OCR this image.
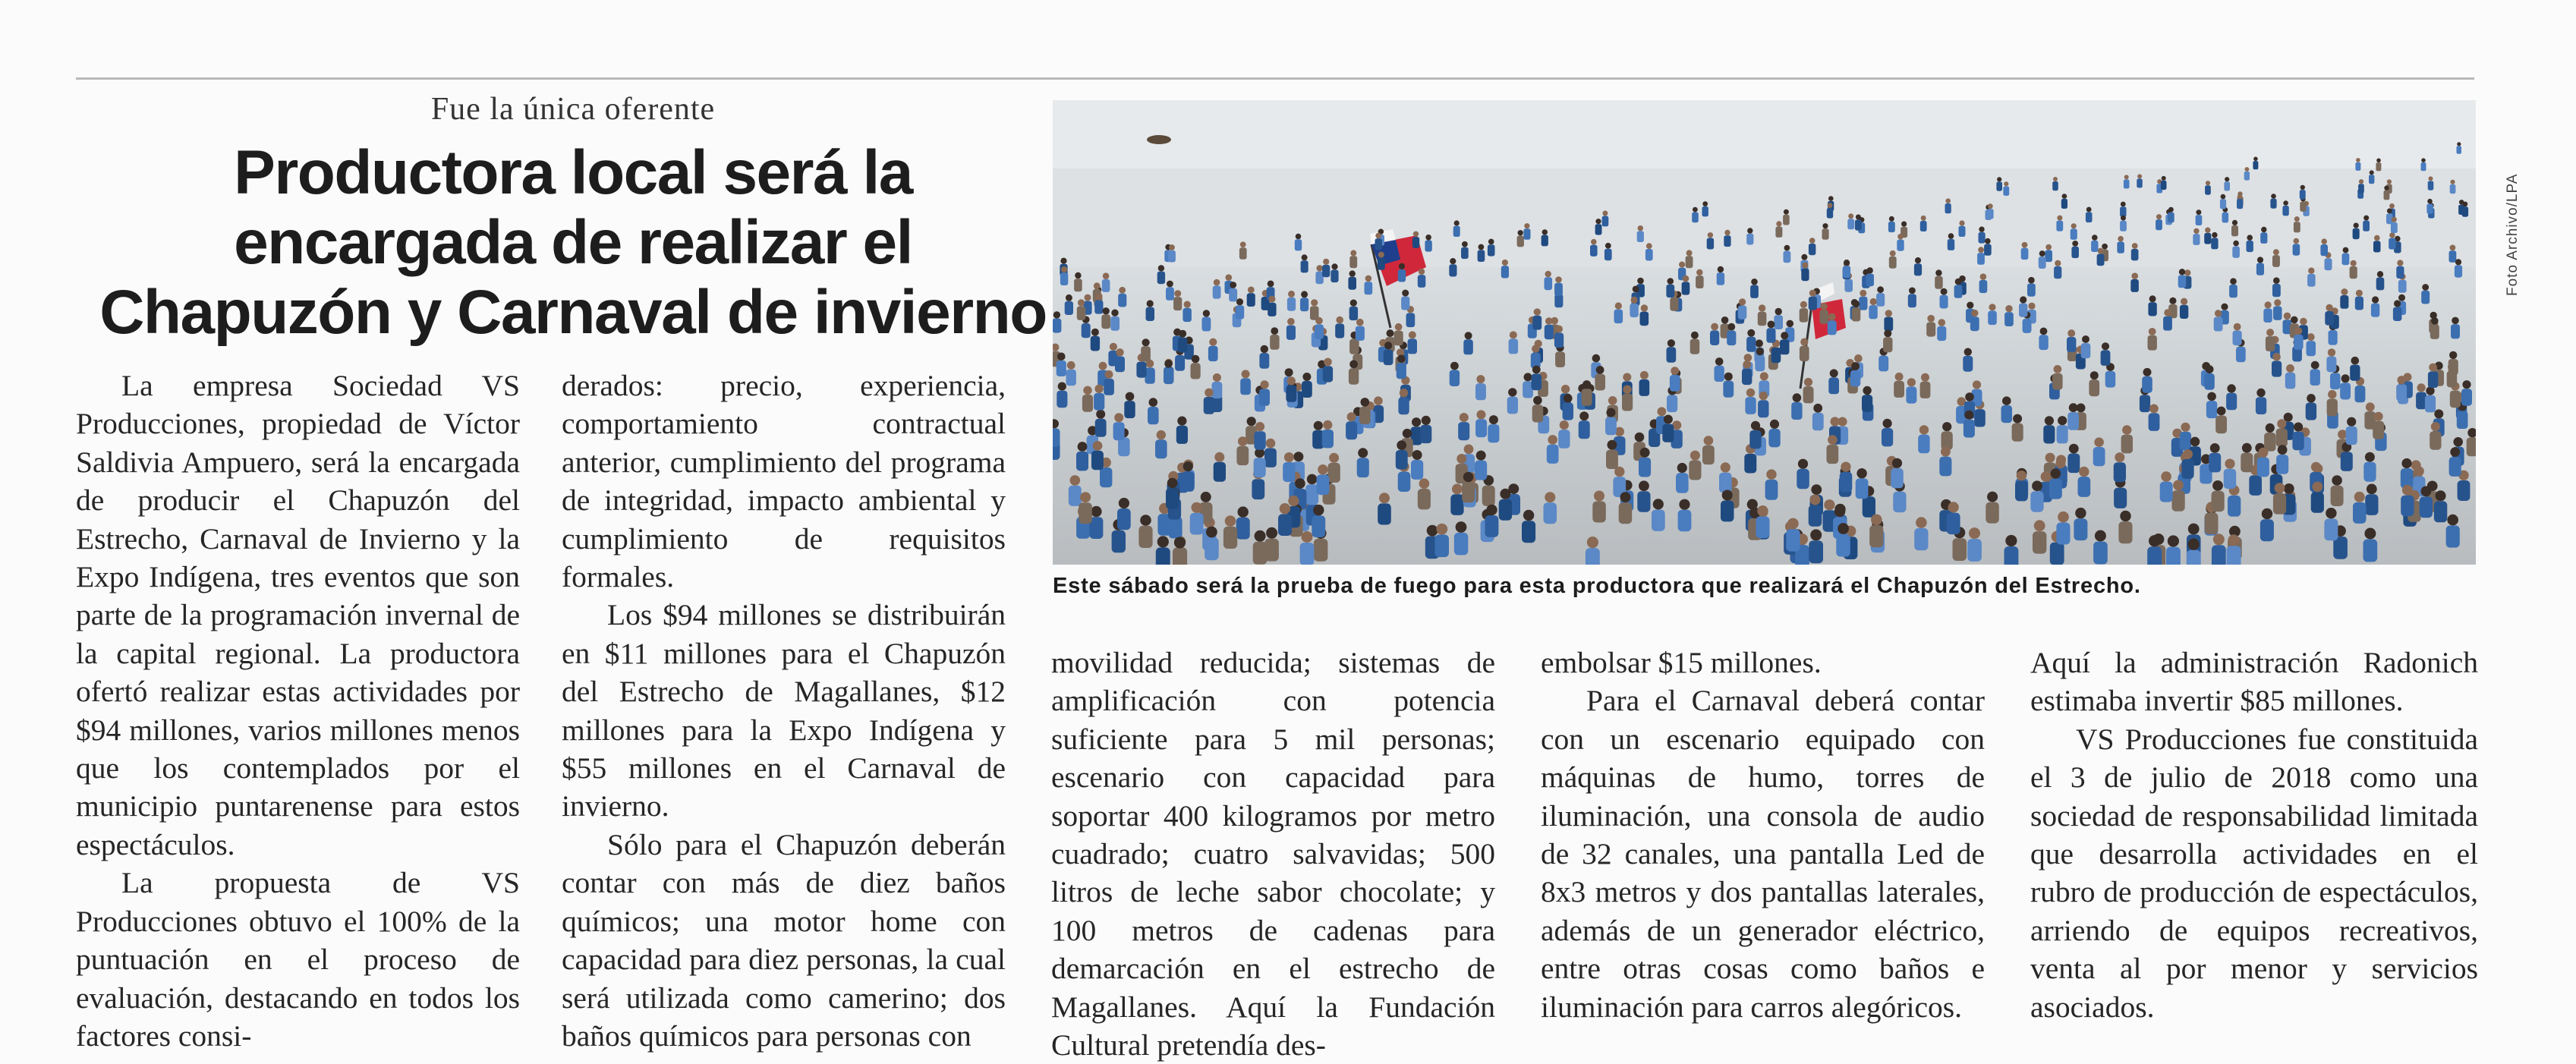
Fue la única oferente
Productora local será la
encargada de realizar el
Chapuzón y Carnaval de invierno

La empresa Sociedad VS Producciones, propiedad de Víctor Saldivia Ampuero, será la encargada de producir el Chapuzón del Estrecho, Carnaval de Invierno y la Expo Indígena, tres eventos que son parte de la programación invernal de la capital regional. La productora ofertó realizar estas actividades por $94 millones, varios millones menos que los contemplados por el municipio puntarenense para estos espectáculos.

La propuesta de VS Producciones obtuvo el 100% de la puntuación en el proceso de evaluación, destacando en todos los factores consi-

derados: precio, experiencia, comportamiento contractual anterior, cumplimiento del programa de integridad, impacto ambiental y cumplimiento de requisitos formales.

Los $94 millones se distribuirán en $11 millones para el Chapuzón del Estrecho de Magallanes, $12 millones para la Expo Indígena y $55 millones en el Carnaval de invierno.

Sólo para el Chapuzón deberán contar con más de diez baños químicos; una motor home con capacidad para diez personas, la cual será utilizada como camerino; dos baños químicos para personas con

Foto Archivo/LPA
Este sábado será la prueba de fuego para esta productora que realizará el Chapuzón del Estrecho.

movilidad reducida; sistemas de amplificación con potencia suficiente para 5 mil personas; escenario con capacidad para soportar 400 kilogramos por metro cuadrado; cuatro salvavidas; 500 litros de leche sabor chocolate; y 100 metros de cadenas para demarcación en el estrecho de Magallanes. Aquí la Fundación Cultural pretendía des-

embolsar $15 millones.

Para el Carnaval deberá contar con un escenario equipado con máquinas de humo, torres de iluminación, una consola de audio de 32 canales, una pantalla Led de 8x3 metros y dos pantallas laterales, además de un generador eléctrico, entre otras cosas como baños e iluminación para carros alegóricos.

Aquí la administración Radonich estimaba invertir $85 millones.

VS Producciones fue constituida el 3 de julio de 2018 como una sociedad de responsabilidad limitada que desarrolla actividades en el rubro de producción de espectáculos, arriendo de equipos recreativos, venta al por menor y servicios asociados.
